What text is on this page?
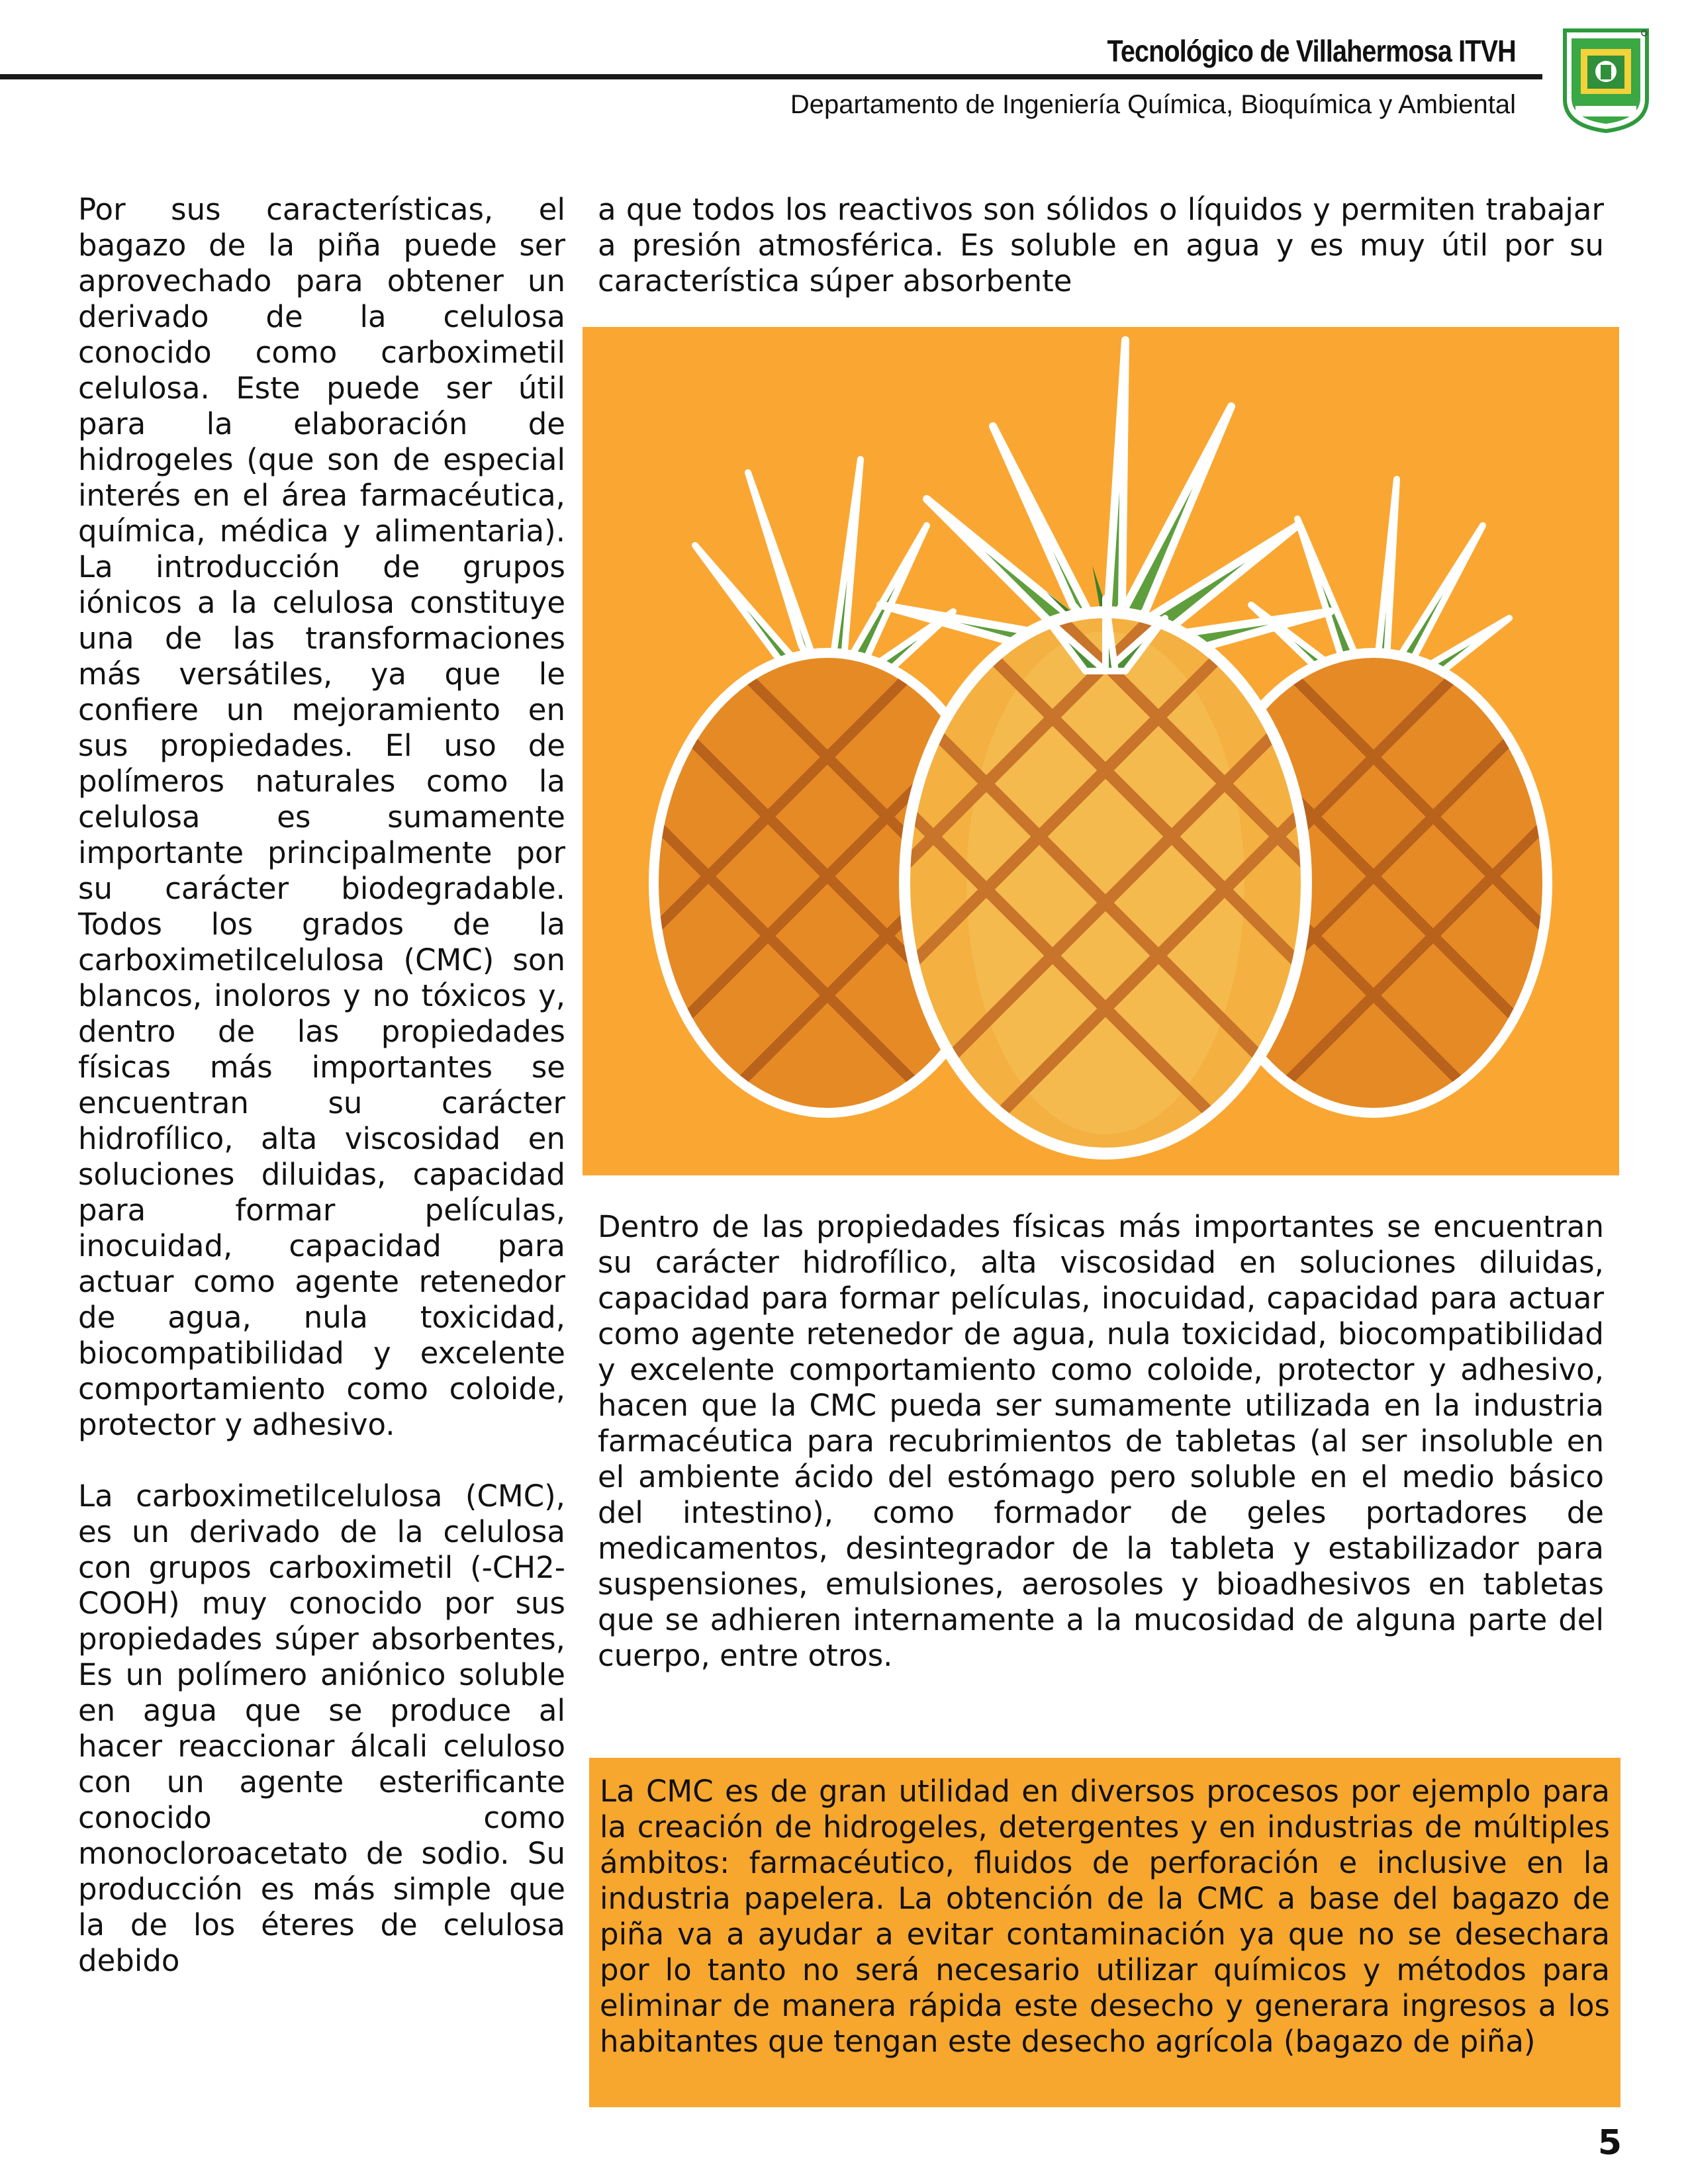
Tecnológico de Villahermosa ITVH
Departamento de Ingeniería Química, Bioquímica y Ambiental

Por sus características, el bagazo de la piña puede ser aprovechado para obtener un derivado de la celulosa conocido como carboximetil celulosa. Este puede ser útil para la elaboración de hidrogeles (que son de especial interés en el área farmacéutica, química, médica y alimentaria). La introducción de grupos iónicos a la celulosa constituye una de las transformaciones más versátiles, ya que le confiere un mejoramiento en sus propiedades. El uso de polímeros naturales como la celulosa es sumamente importante principalmente por su carácter biodegradable. Todos los grados de la carboximetilcelulosa (CMC) son blancos, inoloros y no tóxicos y, dentro de las propiedades físicas más importantes se encuentran su carácter hidrofílico, alta viscosidad en soluciones diluidas, capacidad para formar películas, inocuidad, capacidad para actuar como agente retenedor de agua, nula toxicidad, biocompatibilidad y excelente comportamiento como coloide, protector y adhesivo.

La carboximetilcelulosa (CMC), es un derivado de la celulosa con grupos carboximetil (-CH2-COOH) muy conocido por sus propiedades súper absorbentes, Es un polímero aniónico soluble en agua que se produce al hacer reaccionar álcali celuloso con un agente esterificante conocido como monocloroacetato de sodio. Su producción es más simple que la de los éteres de celulosa debido

a que todos los reactivos son sólidos o líquidos y permiten trabajar a presión atmosférica. Es soluble en agua y es muy útil por su característica súper absorbente

Dentro de las propiedades físicas más importantes se encuentran su carácter hidrofílico, alta viscosidad en soluciones diluidas, capacidad para formar películas, inocuidad, capacidad para actuar como agente retenedor de agua, nula toxicidad, biocompatibilidad y excelente comportamiento como coloide, protector y adhesivo, hacen que la CMC pueda ser sumamente utilizada en la industria farmacéutica para recubrimientos de tabletas (al ser insoluble en el ambiente ácido del estómago pero soluble en el medio básico del intestino), como formador de geles portadores de medicamentos, desintegrador de la tableta y estabilizador para suspensiones, emulsiones, aerosoles y bioadhesivos en tabletas que se adhieren internamente a la mucosidad de alguna parte del cuerpo, entre otros.

La CMC es de gran utilidad en diversos procesos por ejemplo para la creación de hidrogeles, detergentes y en industrias de múltiples ámbitos: farmacéutico, fluidos de perforación e inclusive en la industria papelera. La obtención de la CMC a base del bagazo de piña va a ayudar a evitar contaminación ya que no se desechara por lo tanto no será necesario utilizar químicos y métodos para eliminar de manera rápida este desecho y generara ingresos a los habitantes que tengan este desecho agrícola (bagazo de piña)

5
